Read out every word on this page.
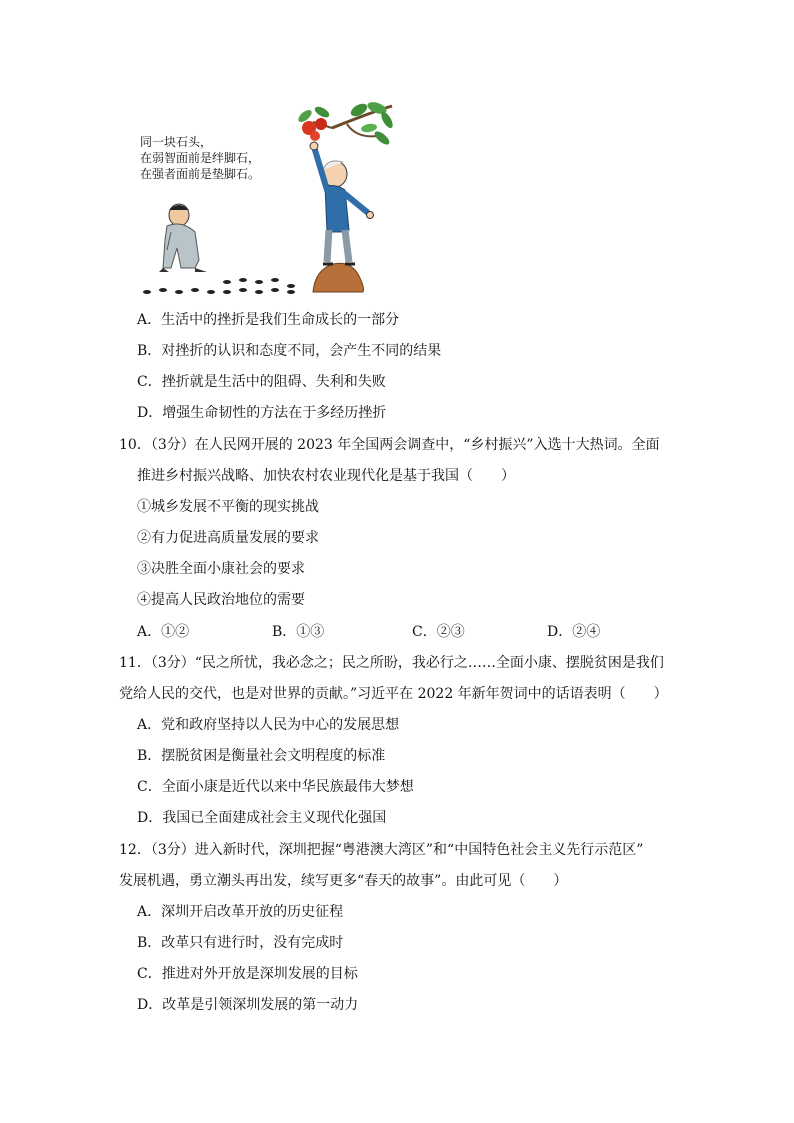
同一块石头，
在弱智面前是绊脚石，
在强者面前是垫脚石。
A．生活中的挫折是我们生命成长的一部分
B．对挫折的认识和态度不同，会产生不同的结果
C．挫折就是生活中的阻碍、失利和失败
D．增强生命韧性的方法在于多经历挫折
10．（3分）在人民网开展的 2023 年全国两会调查中，“乡村振兴”入选十大热词。全面
推进乡村振兴战略、加快农村农业现代化是基于我国（　　）
①城乡发展不平衡的现实挑战
②有力促进高质量发展的要求
③决胜全面小康社会的要求
④提高人民政治地位的需要
A．①②	B．①③	C．②③	D．②④
11．（3分）“民之所忧，我必念之；民之所盼，我必行之……全面小康、摆脱贫困是我们
党给人民的交代，也是对世界的贡献。”习近平在 2022 年新年贺词中的话语表明（　　）
A．党和政府坚持以人民为中心的发展思想
B．摆脱贫困是衡量社会文明程度的标准
C．全面小康是近代以来中华民族最伟大梦想
D．我国已全面建成社会主义现代化强国
12．（3分）进入新时代，深圳把握“粤港澳大湾区”和“中国特色社会主义先行示范区”
发展机遇，勇立潮头再出发，续写更多“春天的故事”。由此可见（　　）
A．深圳开启改革开放的历史征程
B．改革只有进行时，没有完成时
C．推进对外开放是深圳发展的目标
D．改革是引领深圳发展的第一动力
